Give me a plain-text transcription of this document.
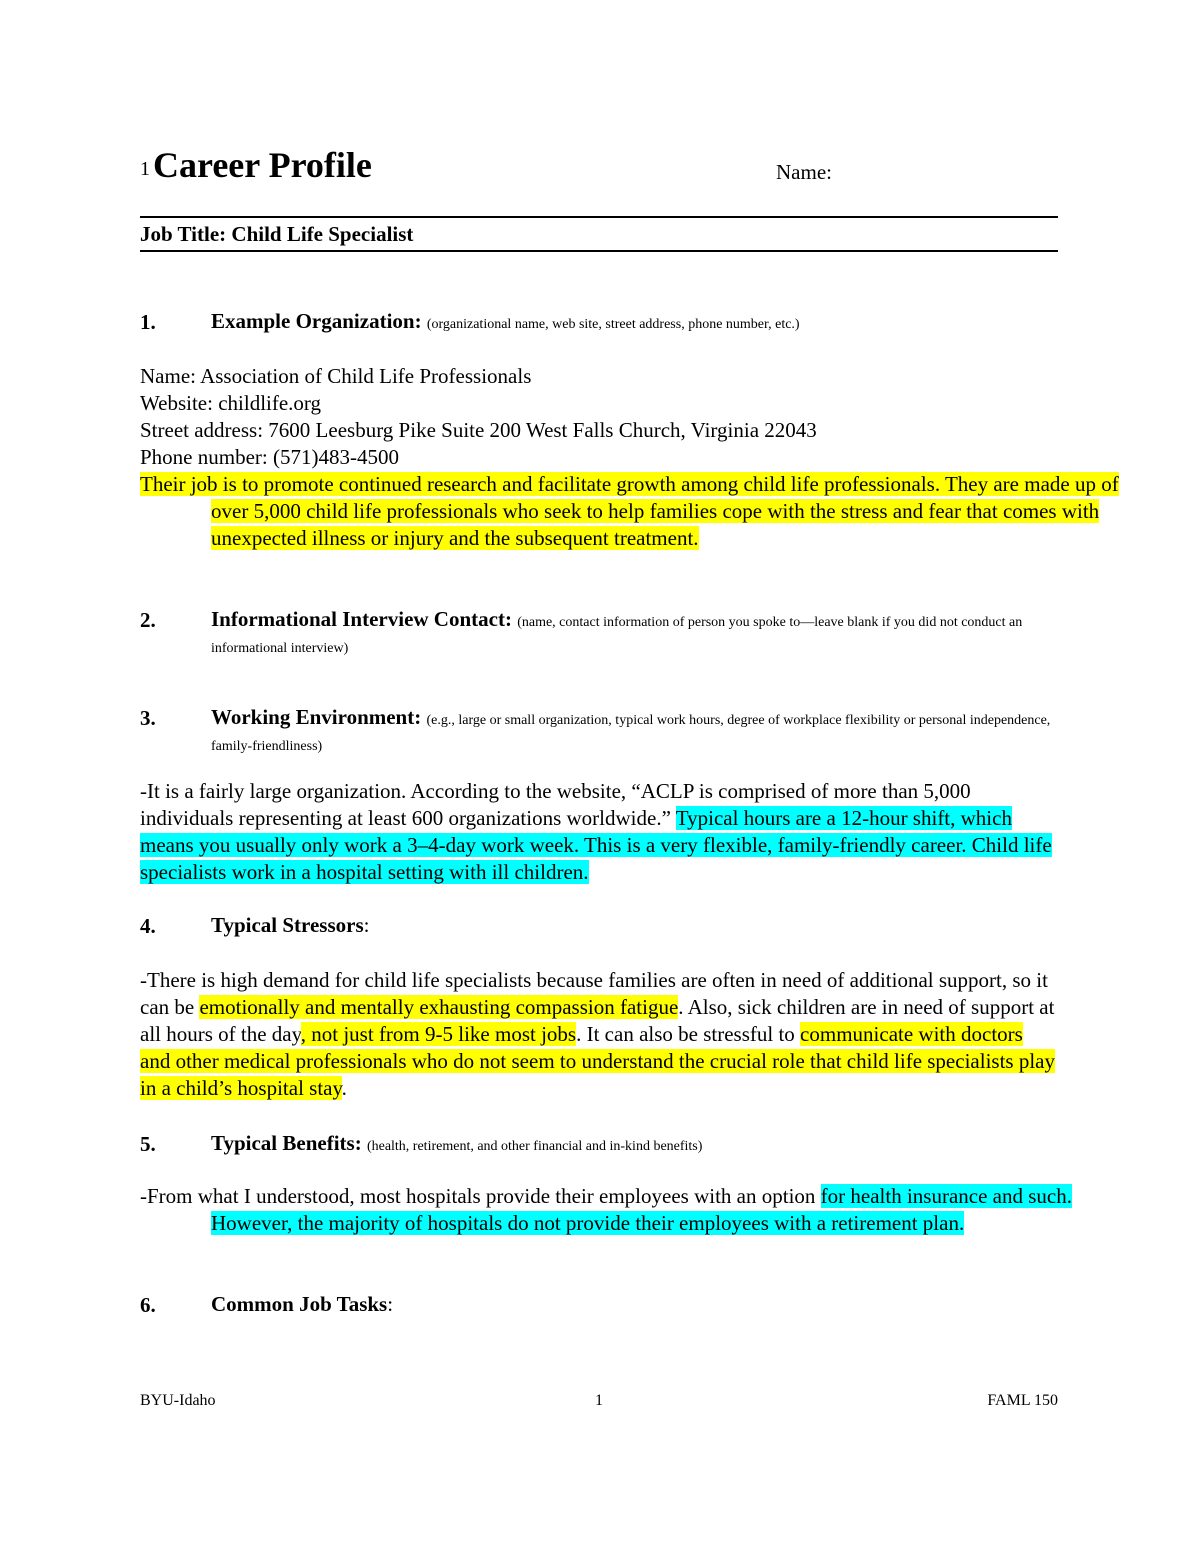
1 Career Profile	Name:
Job Title: Child Life Specialist
1.	Example Organization: (organizational name, web site, street address, phone number, etc.)
Name: Association of Child Life Professionals
Website: childlife.org
Street address: 7600 Leesburg Pike Suite 200 West Falls Church, Virginia 22043
Phone number: (571)483-4500
Their job is to promote continued research and facilitate growth among child life professionals. They are made up of over 5,000 child life professionals who seek to help families cope with the stress and fear that comes with unexpected illness or injury and the subsequent treatment.
2.	Informational Interview Contact: (name, contact information of person you spoke to—leave blank if you did not conduct an informational interview)
3.	Working Environment: (e.g., large or small organization, typical work hours, degree of workplace flexibility or personal independence, family-friendliness)
-It is a fairly large organization. According to the website, “ACLP is comprised of more than 5,000 individuals representing at least 600 organizations worldwide.” Typical hours are a 12-hour shift, which means you usually only work a 3–4-day work week. This is a very flexible, family-friendly career. Child life specialists work in a hospital setting with ill children.
4.	Typical Stressors:
-There is high demand for child life specialists because families are often in need of additional support, so it can be emotionally and mentally exhausting compassion fatigue. Also, sick children are in need of support at all hours of the day, not just from 9-5 like most jobs. It can also be stressful to communicate with doctors and other medical professionals who do not seem to understand the crucial role that child life specialists play in a child’s hospital stay.
5.	Typical Benefits: (health, retirement, and other financial and in-kind benefits)
-From what I understood, most hospitals provide their employees with an option for health insurance and such. However, the majority of hospitals do not provide their employees with a retirement plan.
6.	Common Job Tasks:
BYU-Idaho	1	FAML 150
